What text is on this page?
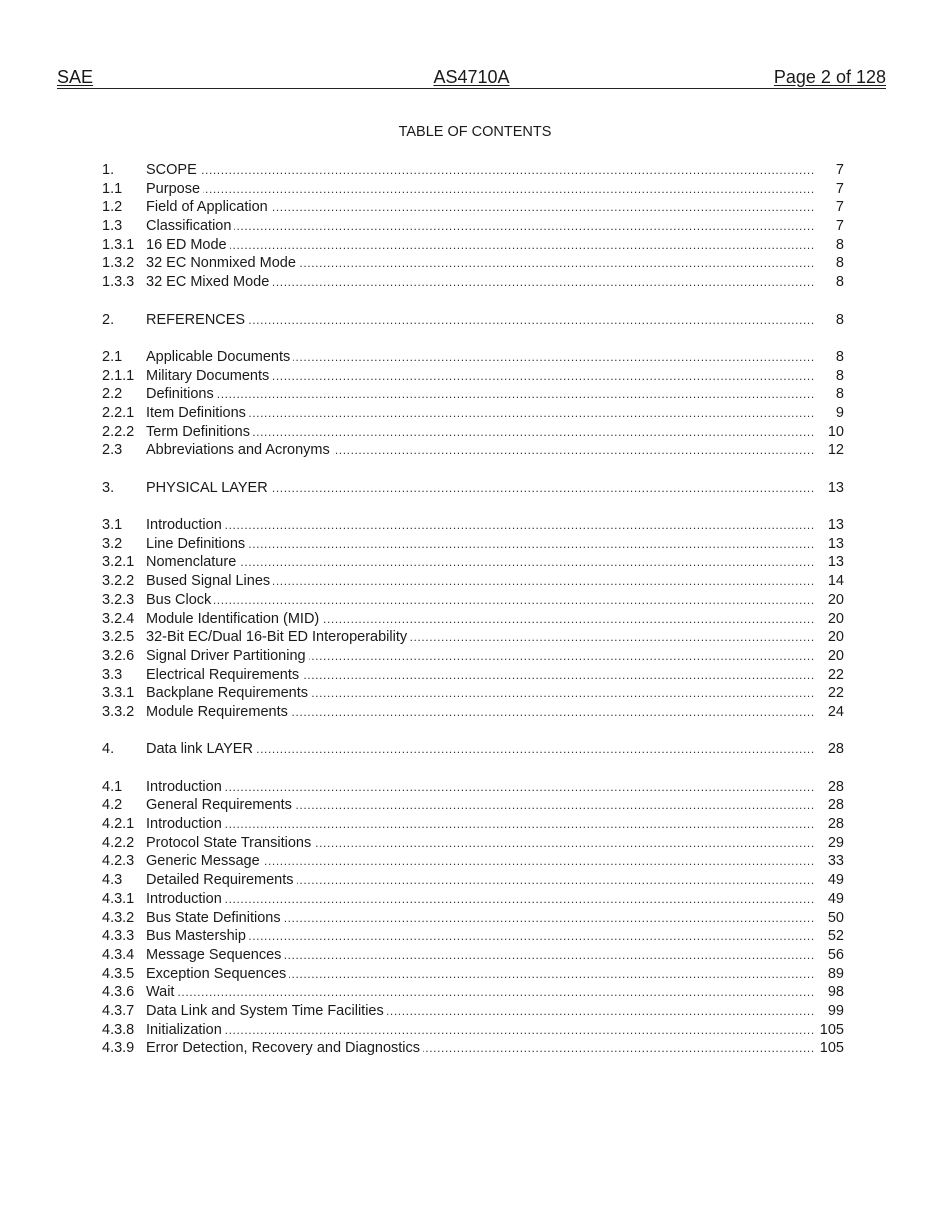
SAE	AS4710A	Page 2 of 128
TABLE OF CONTENTS
1.	SCOPE .....	7
1.1	Purpose .....	7
1.2	Field of Application .....	7
1.3	Classification .....	7
1.3.1 16 ED Mode .....	8
1.3.2 32 EC Nonmixed Mode .....	8
1.3.3 32 EC Mixed Mode .....	8
2.	REFERENCES .....	8
2.1	Applicable Documents .....	8
2.1.1 Military Documents .....	8
2.2	Definitions .....	8
2.2.1 Item Definitions .....	9
2.2.2 Term Definitions .....	10
2.3	Abbreviations and Acronyms .....	12
3.	PHYSICAL LAYER .....	13
3.1	Introduction .....	13
3.2	Line Definitions .....	13
3.2.1 Nomenclature .....	13
3.2.2 Bused Signal Lines .....	14
3.2.3 Bus Clock .....	20
3.2.4 Module Identification (MID) .....	20
3.2.5 32-Bit EC/Dual 16-Bit ED Interoperability .....	20
3.2.6 Signal Driver Partitioning .....	20
3.3	Electrical Requirements .....	22
3.3.1 Backplane Requirements .....	22
3.3.2 Module Requirements .....	24
4.	Data link LAYER .....	28
4.1	Introduction .....	28
4.2	General Requirements .....	28
4.2.1 Introduction .....	28
4.2.2 Protocol State Transitions .....	29
4.2.3 Generic Message .....	33
4.3	Detailed Requirements .....	49
4.3.1 Introduction .....	49
4.3.2 Bus State Definitions .....	50
4.3.3 Bus Mastership .....	52
4.3.4 Message Sequences .....	56
4.3.5 Exception Sequences .....	89
4.3.6 Wait .....	98
4.3.7 Data Link and System Time Facilities .....	99
4.3.8 Initialization .....	105
4.3.9 Error Detection, Recovery and Diagnostics .....	105
